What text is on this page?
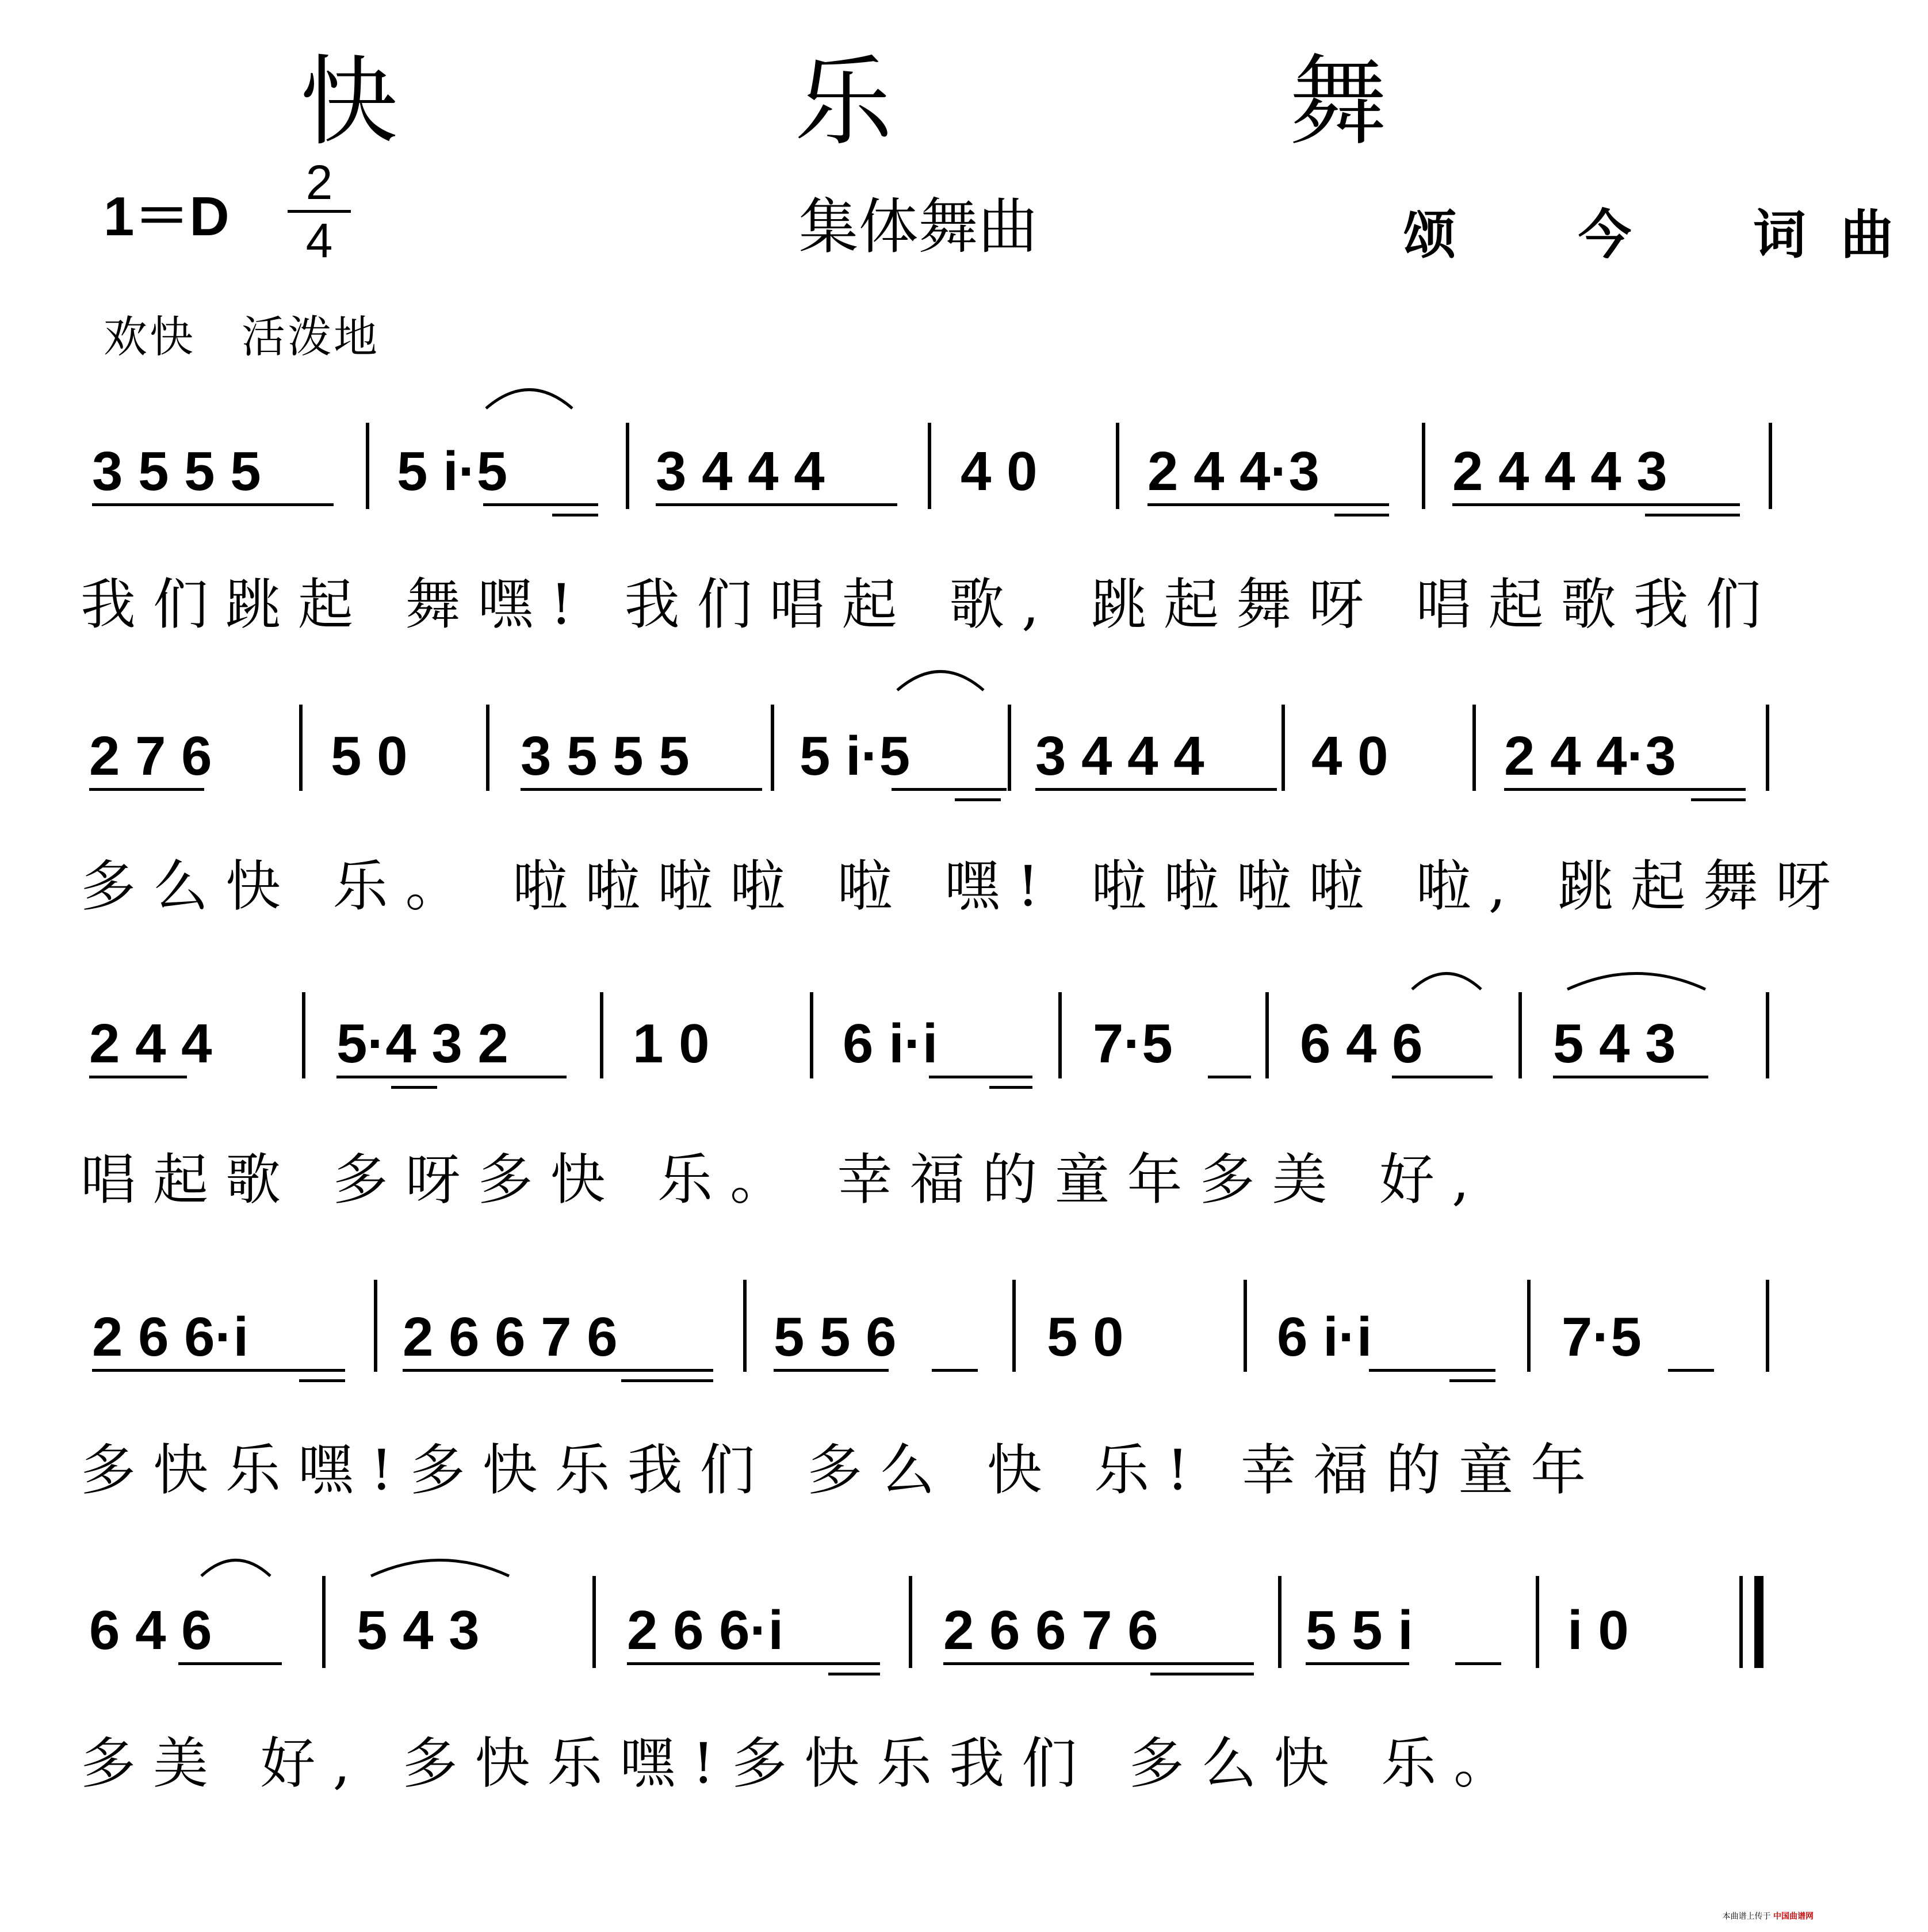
快　乐　舞
$1=D \frac{2}{4}$	集体舞曲	颂　今　词曲
欢快　活泼地
3 5 5 5 5 i·5	3 4 4 4 4 0 2 4 4·3 2 4 4 4 3
我们跳起 舞嘿! 我们唱起 歌, 跳起舞呀 唱起歌我们
2 7 6 5 0 3 5 5 5 5 i·5 3 4 4 4 4 0 2 4 4·3
多么快 乐。 啦啦啦啦 啦 嘿! 啦啦啦啦 啦, 跳起舞呀
2 4 4 5·4 3 2 1 0 6 i·i	7·5 6 4 6 5 4 3
唱起歌 多呀多快 乐。 幸福的童年多美 好,
2 6 6·i	2 6 6 7 6	5 5 6	5 0	6 i·i	7·5
多快乐嘿!多快乐我们 多么 快 乐! 幸福的童年
6 4 6	5 4 3	2 6 6·i	2 6 6 7 6	5 5 i	i 0
多美 好, 多快乐嘿!多快乐我们 多么快 乐。
本曲谱上传于 中国曲谱网
